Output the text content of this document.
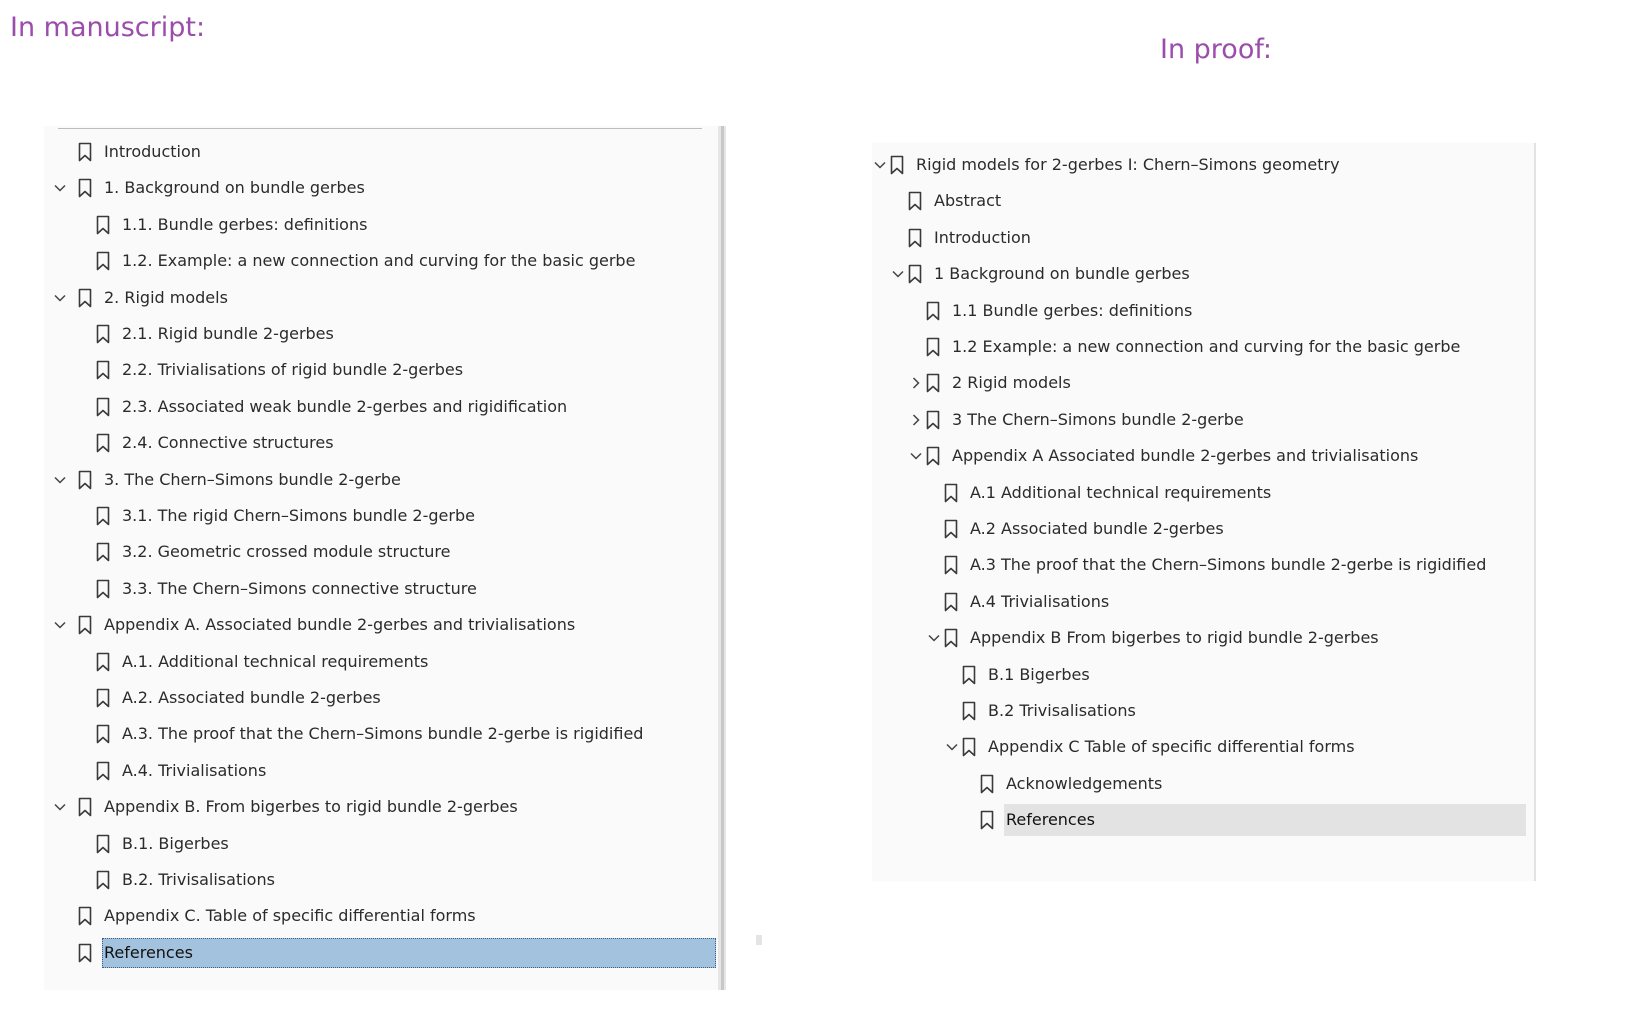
In manuscript:
In proof:
Introduction
1. Background on bundle gerbes
1.1. Bundle gerbes: definitions
1.2. Example: a new connection and curving for the basic gerbe
2. Rigid models
2.1. Rigid bundle 2-gerbes
2.2. Trivialisations of rigid bundle 2-gerbes
2.3. Associated weak bundle 2-gerbes and rigidification
2.4. Connective structures
3. The Chern–Simons bundle 2-gerbe
3.1. The rigid Chern–Simons bundle 2-gerbe
3.2. Geometric crossed module structure
3.3. The Chern–Simons connective structure
Appendix A. Associated bundle 2-gerbes and trivialisations
A.1. Additional technical requirements
A.2. Associated bundle 2-gerbes
A.3. The proof that the Chern–Simons bundle 2-gerbe is rigidified
A.4. Trivialisations
Appendix B. From bigerbes to rigid bundle 2-gerbes
B.1. Bigerbes
B.2. Trivisalisations
Appendix C. Table of specific differential forms
References
Rigid models for 2-gerbes I: Chern–Simons geometry
Abstract
Introduction
1 Background on bundle gerbes
1.1 Bundle gerbes: definitions
1.2 Example: a new connection and curving for the basic gerbe
2 Rigid models
3 The Chern–Simons bundle 2-gerbe
Appendix A Associated bundle 2-gerbes and trivialisations
A.1 Additional technical requirements
A.2 Associated bundle 2-gerbes
A.3 The proof that the Chern–Simons bundle 2-gerbe is rigidified
A.4 Trivialisations
Appendix B From bigerbes to rigid bundle 2-gerbes
B.1 Bigerbes
B.2 Trivisalisations
Appendix C Table of specific differential forms
Acknowledgements
References
